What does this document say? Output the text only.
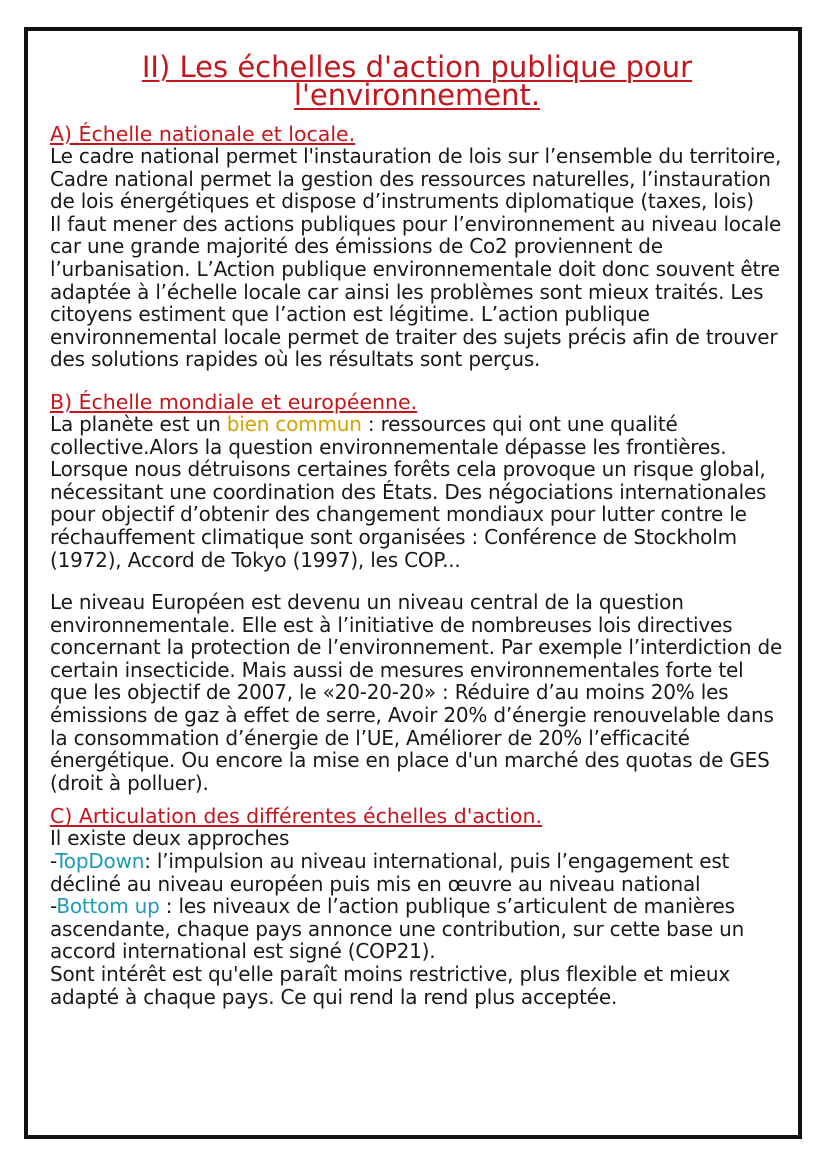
II) Les échelles d'action publique pour
l'environnement.
A) Échelle nationale et locale.

Le cadre national permet l'instauration de lois sur l’ensemble du territoire, Cadre national permet la gestion des ressources naturelles, l’instauration de lois énergétiques et dispose d’instruments diplomatique (taxes, lois)

Il faut mener des actions publiques pour l’environnement au niveau locale car une grande majorité des émissions de Co2 proviennent de l’urbanisation. L’Action publique environnementale doit donc souvent être adaptée à l’échelle locale car ainsi les problèmes sont mieux traités. Les citoyens estiment que l’action est légitime. L’action publique environnemental locale permet de traiter des sujets précis afin de trouver des solutions rapides où les résultats sont perçus.

B) Échelle mondiale et européenne.

La planète est un bien commun : ressources qui ont une qualité collective.Alors la question environnementale dépasse les frontières. Lorsque nous détruisons certaines forêts cela provoque un risque global, nécessitant une coordination des États. Des négociations internationales pour objectif d’obtenir des changement mondiaux pour lutter contre le réchauffement climatique sont organisées : Conférence de Stockholm (1972), Accord de Tokyo (1997), les COP...

Le niveau Européen est devenu un niveau central de la question environnementale. Elle est à l’initiative de nombreuses lois directives concernant la protection de l’environnement. Par exemple l’interdiction de certain insecticide. Mais aussi de mesures environnementales forte tel que les objectif de 2007, le «20-20-20» : Réduire d’au moins 20% les émissions de gaz à effet de serre, Avoir 20% d’énergie renouvelable dans la consommation d’énergie de l’UE, Améliorer de 20% l’efficacité énergétique. Ou encore la mise en place d'un marché des quotas de GES (droit à polluer).

C) Articulation des différentes échelles d'action.

Il existe deux approches

-TopDown: l’impulsion au niveau international, puis l’engagement est décliné au niveau européen puis mis en œuvre au niveau national

-Bottom up : les niveaux de l’action publique s’articulent de manières ascendante, chaque pays annonce une contribution, sur cette base un accord international est signé (COP21).

Sont intérêt est qu'elle paraît moins restrictive, plus flexible et mieux adapté à chaque pays. Ce qui rend la rend plus acceptée.
